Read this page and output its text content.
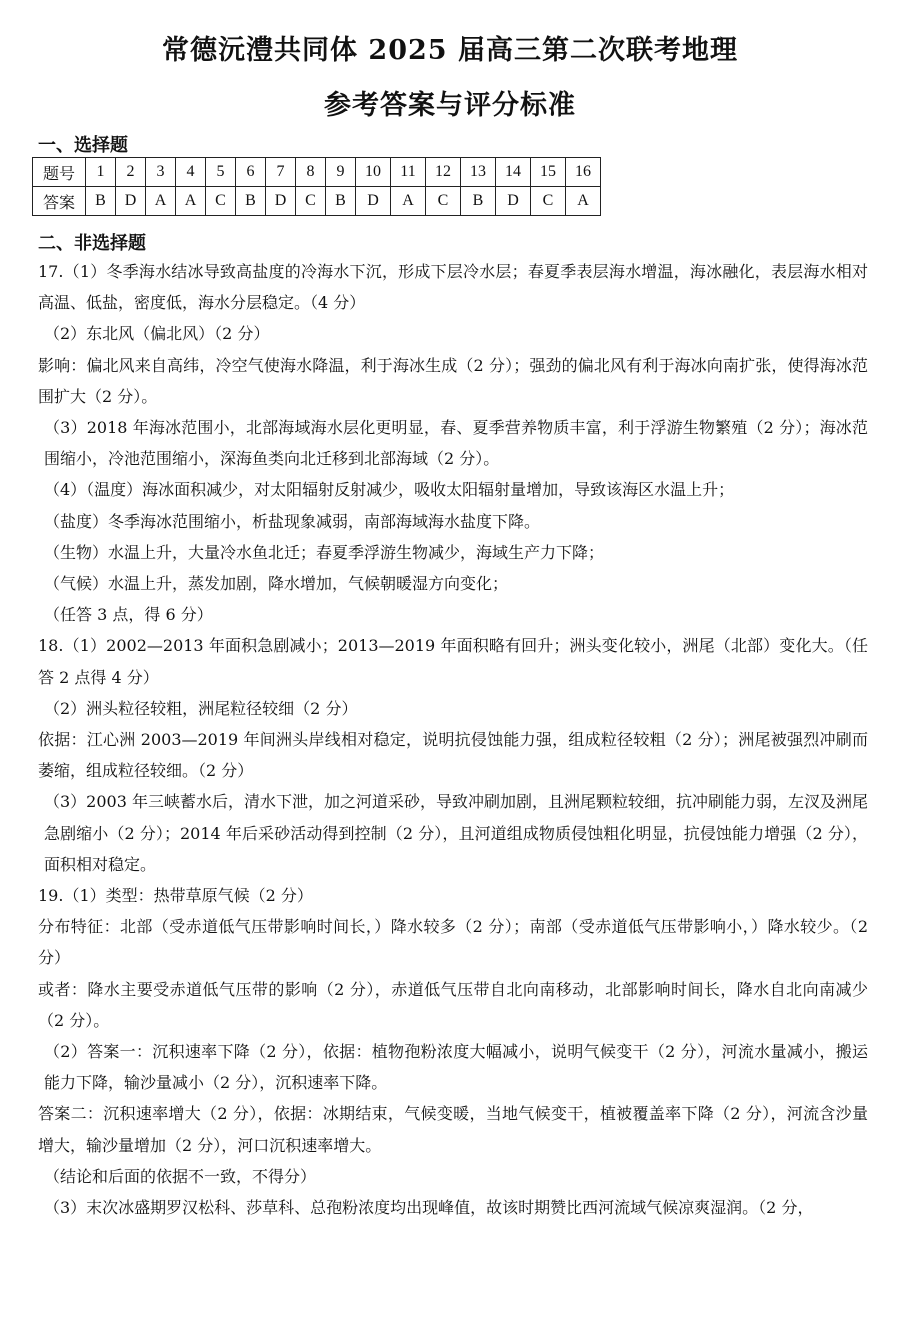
常德沅澧共同体 2025 届高三第二次联考地理
参考答案与评分标准
一、选择题
题号	1	2	3	4	5	6	7	8	9	10	11	12	13	14	15	16
答案	B	D	A	A	C	B	D	C	B	D	A	C	B	D	C	A
二、非选择题

17.（1）冬季海水结冰导致高盐度的冷海水下沉，形成下层冷水层；春夏季表层海水增温，海冰融化，表层海水相对高温、低盐，密度低，海水分层稳定。（4 分）

（2）东北风（偏北风）（2 分）

影响：偏北风来自高纬，冷空气使海水降温，利于海冰生成（2 分）；强劲的偏北风有利于海冰向南扩张，使得海冰范围扩大（2 分）。

（3）2018 年海冰范围小，北部海域海水层化更明显，春、夏季营养物质丰富，利于浮游生物繁殖（2 分）；海冰范围缩小，冷池范围缩小，深海鱼类向北迁移到北部海域（2 分）。

（4）（温度）海冰面积减少，对太阳辐射反射减少，吸收太阳辐射量增加，导致该海区水温上升；

（盐度）冬季海冰范围缩小，析盐现象减弱，南部海域海水盐度下降。

（生物）水温上升，大量冷水鱼北迁；春夏季浮游生物减少，海域生产力下降；

（气候）水温上升，蒸发加剧，降水增加，气候朝暖湿方向变化；

（任答 3 点，得 6 分）

18.（1）2002—2013 年面积急剧减小；2013—2019 年面积略有回升；洲头变化较小，洲尾（北部）变化大。（任答 2 点得 4 分）

（2）洲头粒径较粗，洲尾粒径较细（2 分）

依据：江心洲 2003—2019 年间洲头岸线相对稳定，说明抗侵蚀能力强，组成粒径较粗（2 分）；洲尾被强烈冲刷而萎缩，组成粒径较细。（2 分）

（3）2003 年三峡蓄水后，清水下泄，加之河道采砂，导致冲刷加剧，且洲尾颗粒较细，抗冲刷能力弱，左汊及洲尾急剧缩小（2 分）；2014 年后采砂活动得到控制（2 分），且河道组成物质侵蚀粗化明显，抗侵蚀能力增强（2 分），面积相对稳定。

19.（1）类型：热带草原气候（2 分）

分布特征：北部（受赤道低气压带影响时间长，）降水较多（2 分）；南部（受赤道低气压带影响小，）降水较少。（2 分）

或者：降水主要受赤道低气压带的影响（2 分），赤道低气压带自北向南移动，北部影响时间长，降水自北向南减少（2 分）。

（2）答案一：沉积速率下降（2 分），依据：植物孢粉浓度大幅减小，说明气候变干（2 分），河流水量减小，搬运能力下降，输沙量减小（2 分），沉积速率下降。

答案二：沉积速率增大（2 分），依据：冰期结束，气候变暖，当地气候变干，植被覆盖率下降（2 分），河流含沙量增大，输沙量增加（2 分），河口沉积速率增大。

（结论和后面的依据不一致，不得分）

（3）末次冰盛期罗汉松科、莎草科、总孢粉浓度均出现峰值，故该时期赞比西河流域气候凉爽湿润。（2 分，
